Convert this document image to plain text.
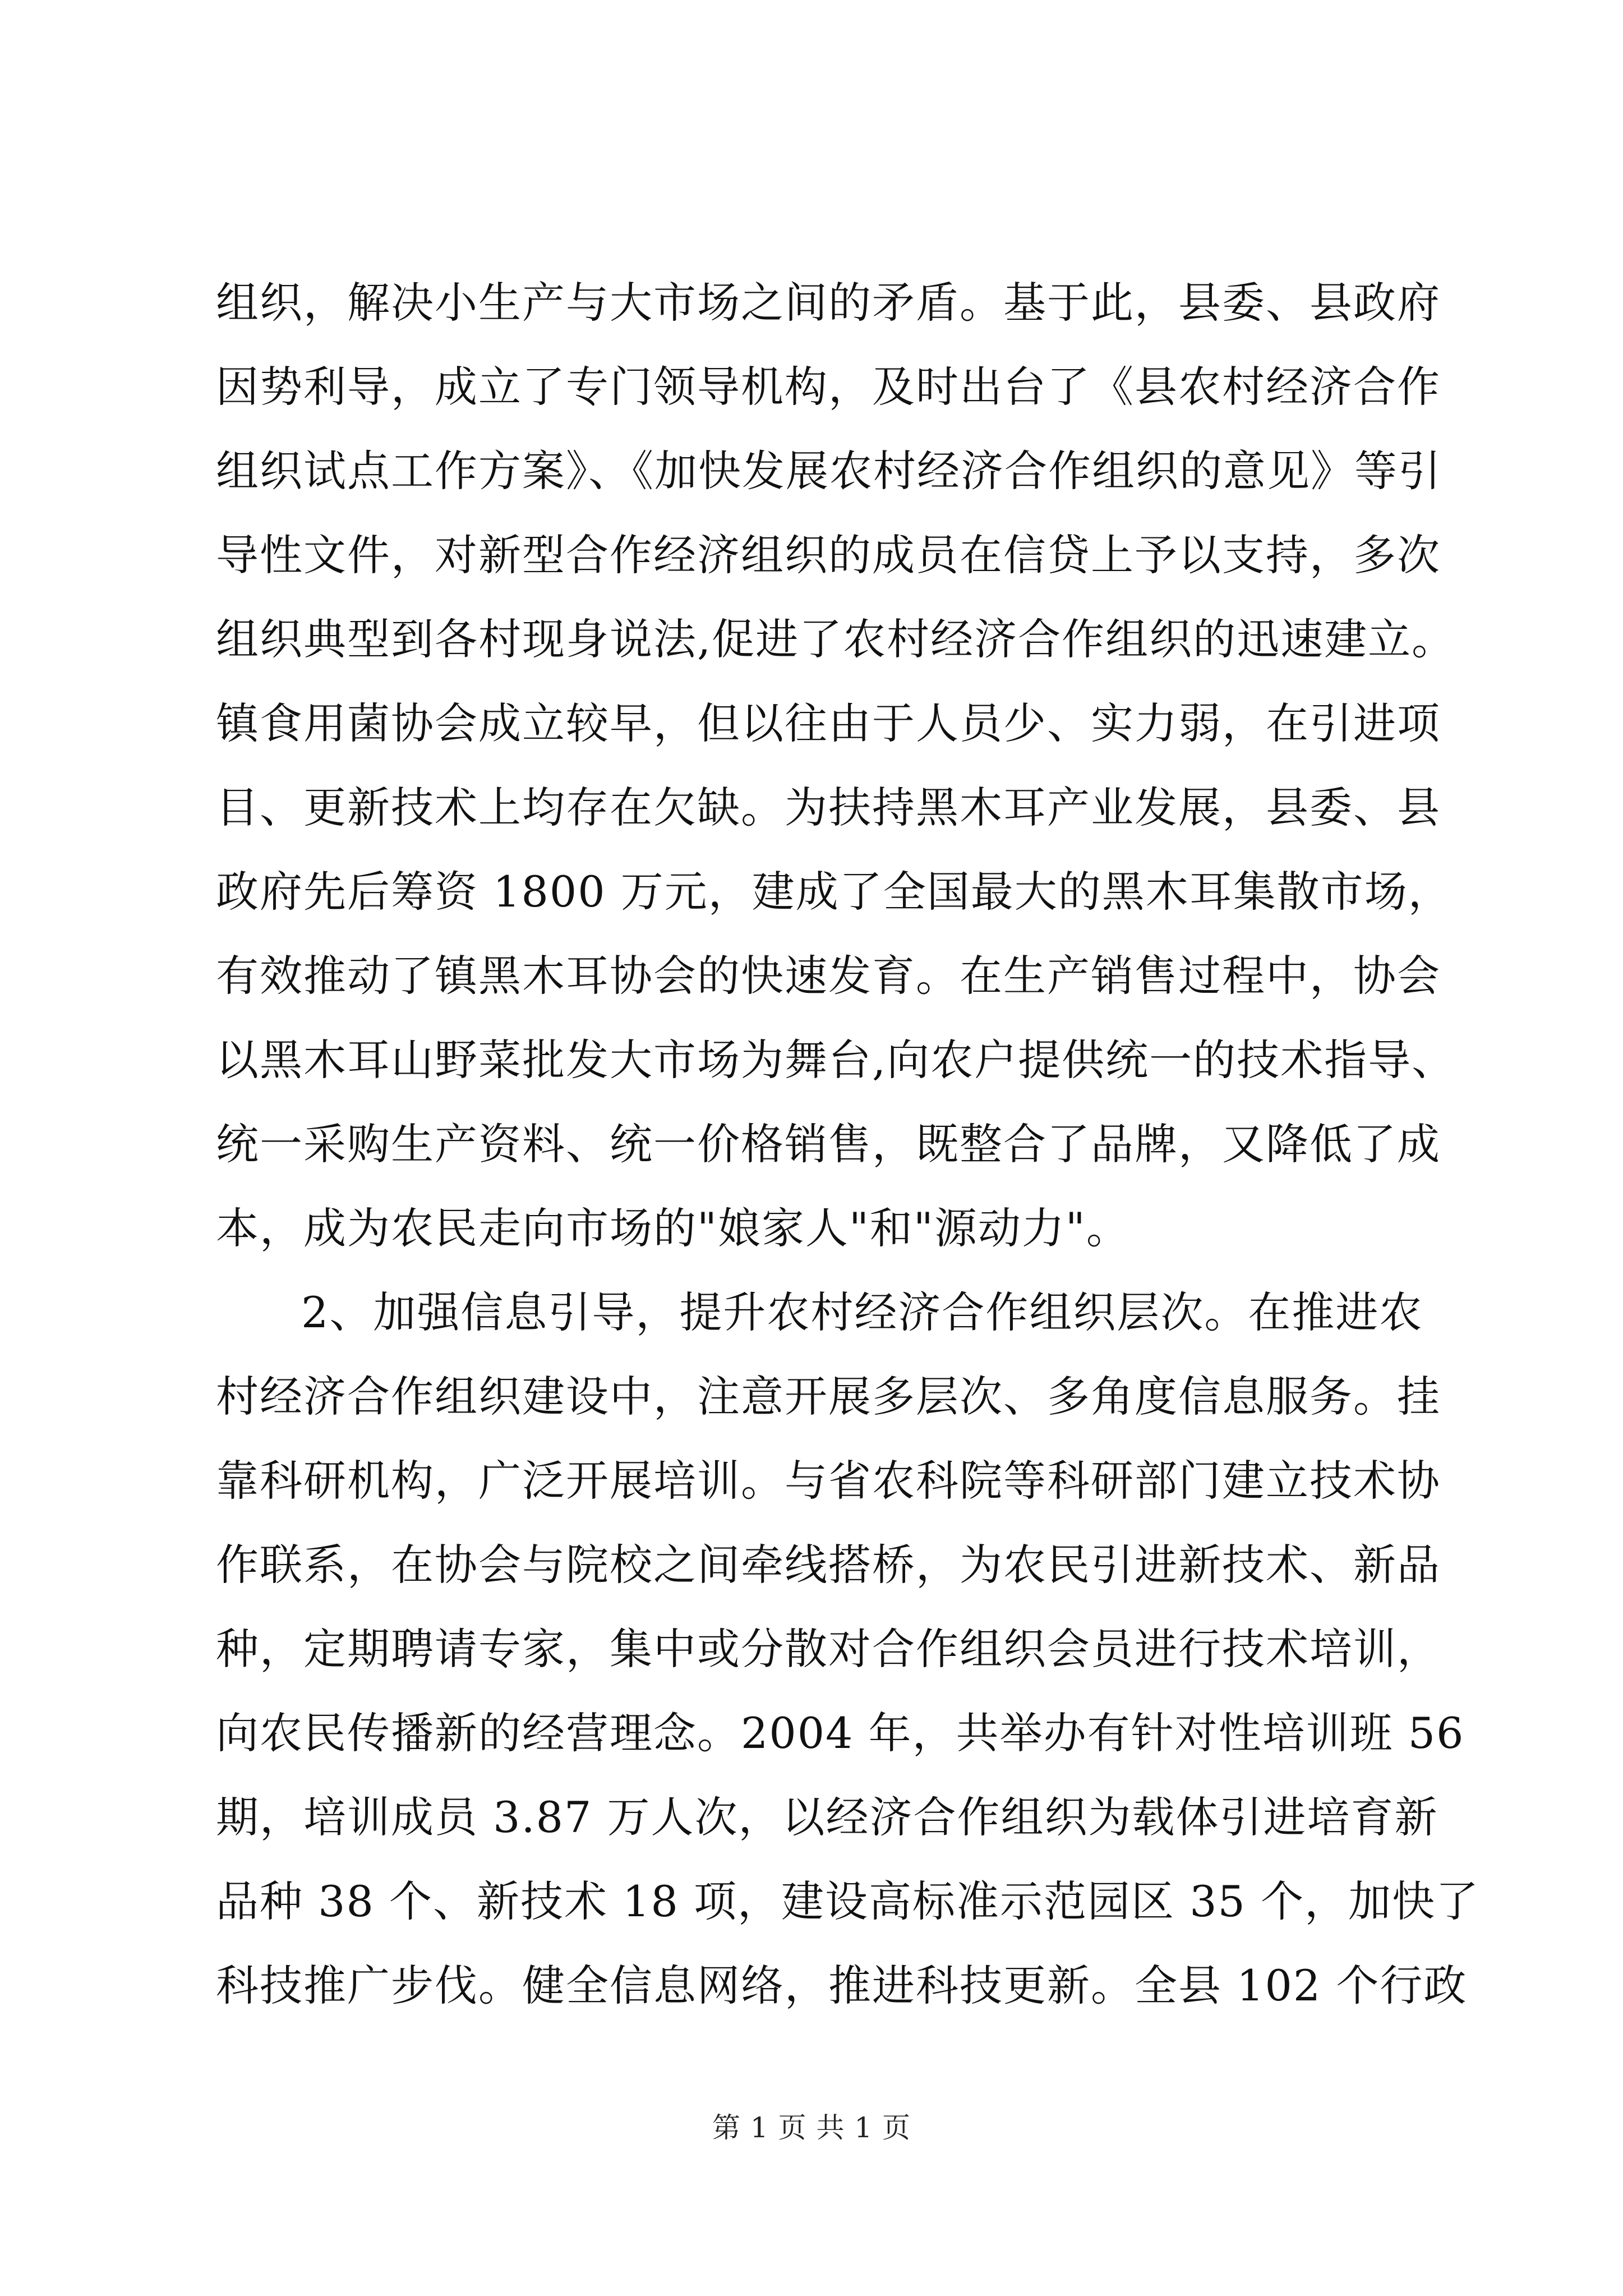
组织，解决小生产与大市场之间的矛盾。基于此，县委、县政府
因势利导，成立了专门领导机构，及时出台了《县农村经济合作
组织试点工作方案》、《加快发展农村经济合作组织的意见》等引
导性文件，对新型合作经济组织的成员在信贷上予以支持，多次
组织典型到各村现身说法,促进了农村经济合作组织的迅速建立。
镇食用菌协会成立较早，但以往由于人员少、实力弱，在引进项
目、更新技术上均存在欠缺。为扶持黑木耳产业发展，县委、县
政府先后筹资 1800 万元，建成了全国最大的黑木耳集散市场，
有效推动了镇黑木耳协会的快速发育。在生产销售过程中，协会
以黑木耳山野菜批发大市场为舞台,向农户提供统一的技术指导、
统一采购生产资料、统一价格销售，既整合了品牌，又降低了成
本，成为农民走向市场的"娘家人"和"源动力"。
2、加强信息引导，提升农村经济合作组织层次。在推进农
村经济合作组织建设中，注意开展多层次、多角度信息服务。挂
靠科研机构，广泛开展培训。与省农科院等科研部门建立技术协
作联系，在协会与院校之间牵线搭桥，为农民引进新技术、新品
种，定期聘请专家，集中或分散对合作组织会员进行技术培训，
向农民传播新的经营理念。2004 年，共举办有针对性培训班 56
期，培训成员 3.87 万人次，以经济合作组织为载体引进培育新
品种 38 个、新技术 18 项，建设高标准示范园区 35 个，加快了
科技推广步伐。健全信息网络，推进科技更新。全县 102 个行政
第 1 页 共 1 页
